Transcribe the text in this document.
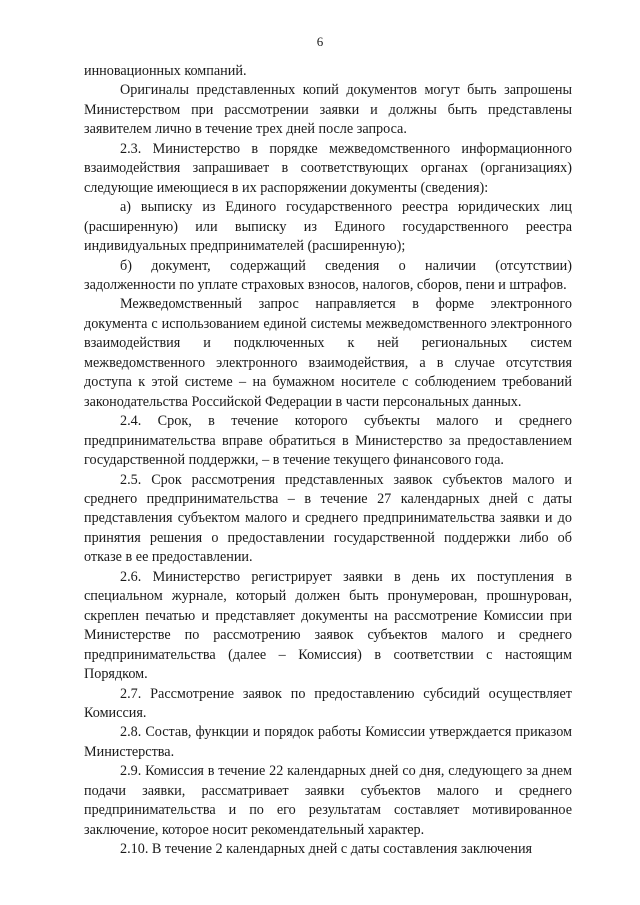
6

инновационных компаний.

Оригиналы представленных копий документов могут быть запрошены Министерством при рассмотрении заявки и должны быть представлены заявителем лично в течение трех дней после запроса.

2.3. Министерство в порядке межведомственного информационного взаимодействия запрашивает в соответствующих органах (организациях) следующие имеющиеся в их распоряжении документы (сведения):

а) выписку из Единого государственного реестра юридических лиц (расширенную) или выписку из Единого государственного реестра индивидуальных предпринимателей (расширенную);

б) документ, содержащий сведения о наличии (отсутствии) задолженности по уплате страховых взносов, налогов, сборов, пени и штрафов.

Межведомственный запрос направляется в форме электронного документа с использованием единой системы межведомственного электронного взаимодействия и подключенных к ней региональных систем межведомственного электронного взаимодействия, а в случае отсутствия доступа к этой системе – на бумажном носителе с соблюдением требований законодательства Российской Федерации в части персональных данных.

2.4. Срок, в течение которого субъекты малого и среднего предпринимательства вправе обратиться в Министерство за предоставлением государственной поддержки, – в течение текущего финансового года.

2.5. Срок рассмотрения представленных заявок субъектов малого и среднего предпринимательства – в течение 27 календарных дней с даты представления субъектом малого и среднего предпринимательства заявки и до принятия решения о предоставлении государственной поддержки либо об отказе в ее предоставлении.

2.6. Министерство регистрирует заявки в день их поступления в специальном журнале, который должен быть пронумерован, прошнурован, скреплен печатью и представляет документы на рассмотрение Комиссии при Министерстве по рассмотрению заявок субъектов малого и среднего предпринимательства (далее – Комиссия) в соответствии с настоящим Порядком.

2.7. Рассмотрение заявок по предоставлению субсидий осуществляет Комиссия.

2.8. Состав, функции и порядок работы Комиссии утверждается приказом Министерства.

2.9. Комиссия в течение 22 календарных дней со дня, следующего за днем подачи заявки, рассматривает заявки субъектов малого и среднего предпринимательства и по его результатам составляет мотивированное заключение, которое носит рекомендательный характер.

2.10. В течение 2 календарных дней с даты составления заключения
